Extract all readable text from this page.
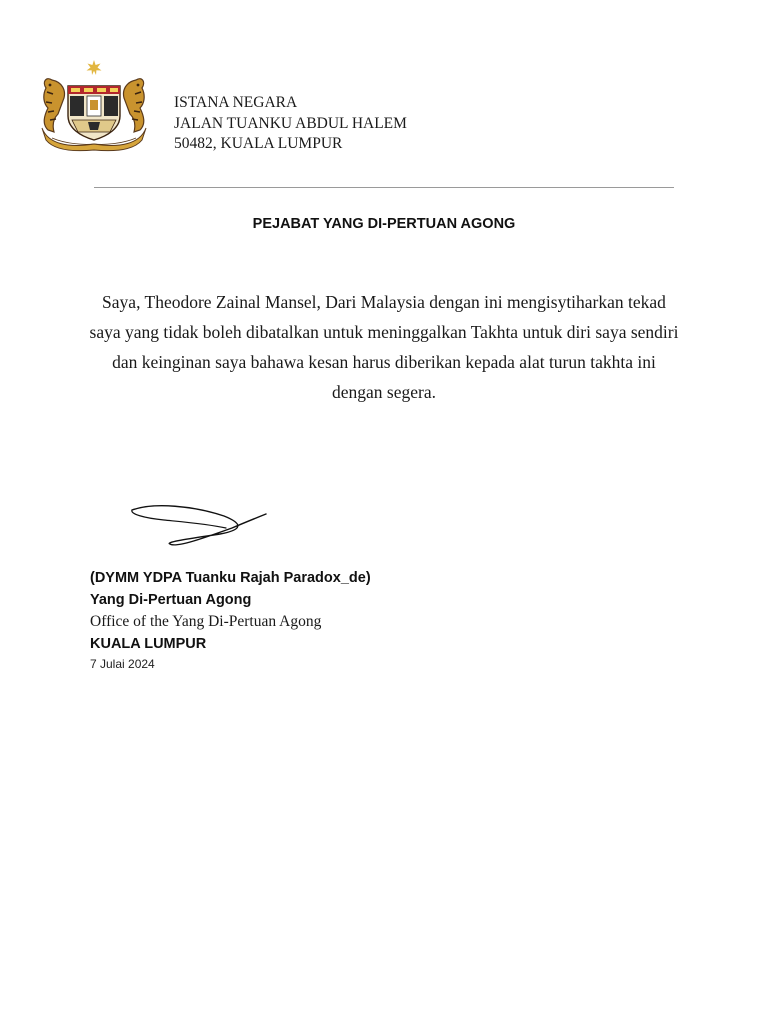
ISTANA NEGARA
JALAN TUANKU ABDUL HALEM
50482, KUALA LUMPUR
PEJABAT YANG DI-PERTUAN AGONG
Saya, Theodore Zainal Mansel, Dari Malaysia dengan ini mengisytiharkan tekad saya yang tidak boleh dibatalkan untuk meninggalkan Takhta untuk diri saya sendiri dan keinginan saya bahawa kesan harus diberikan kepada alat turun takhta ini dengan segera.
(DYMM YDPA Tuanku Rajah Paradox_de)
Yang Di-Pertuan Agong
Office of the Yang Di-Pertuan Agong
KUALA LUMPUR
7 Julai 2024
